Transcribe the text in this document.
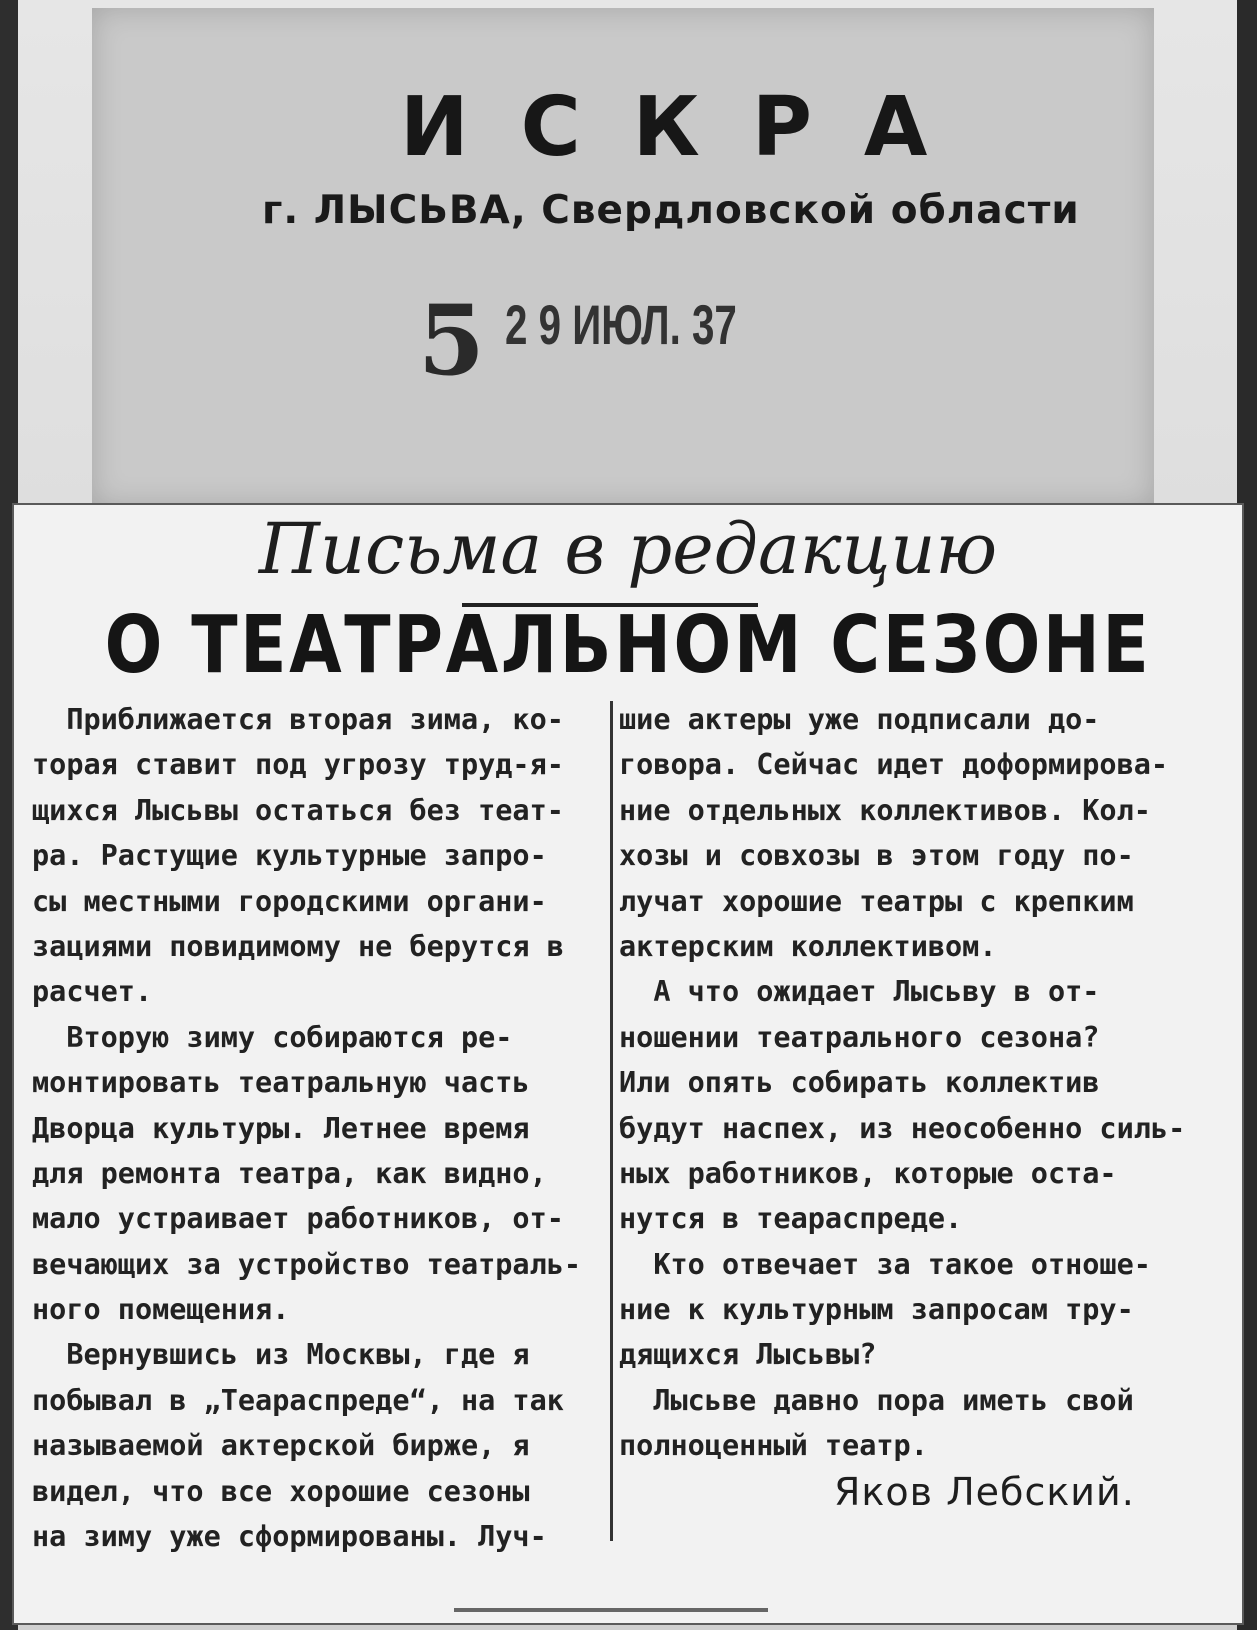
ИСКРА
г. ЛЫСЬВА, Свердловской области
5 2 9 ИЮЛ. 37
Письма в редакцию
О ТЕАТРАЛЬНОМ СЕЗОНЕ
Приближается вторая зима, ко-
торая ставит под угрозу труд-я-
щихся Лысьвы остаться без теат-
ра. Растущие культурные запро-
сы местными городскими органи-
зациями повидимому не берутся в
расчет.
Вторую зиму собираются ре-
монтировать театральную часть
Дворца культуры. Летнее время
для ремонта театра, как видно,
мало устраивает работников, от-
вечающих за устройство театраль-
ного помещения.
Вернувшись из Москвы, где я
побывал в „Теараспреде“, на так
называемой актерской бирже, я
видел, что все хорошие сезоны
на зиму уже сформированы. Луч-
шие актеры уже подписали до-
говора. Сейчас идет доформирова-
ние отдельных коллективов. Кол-
хозы и совхозы в этом году по-
лучат хорошие театры с крепким
актерским коллективом.
А что ожидает Лысьву в от-
ношении театрального сезона?
Или опять собирать коллектив
будут наспех, из неособенно силь-
ных работников, которые оста-
нутся в теараспреде.
Кто отвечает за такое отноше-
ние к культурным запросам тру-
дящихся Лысьвы?
Лысьве давно пора иметь свой
полноценный театр.
Яков Лебский.
